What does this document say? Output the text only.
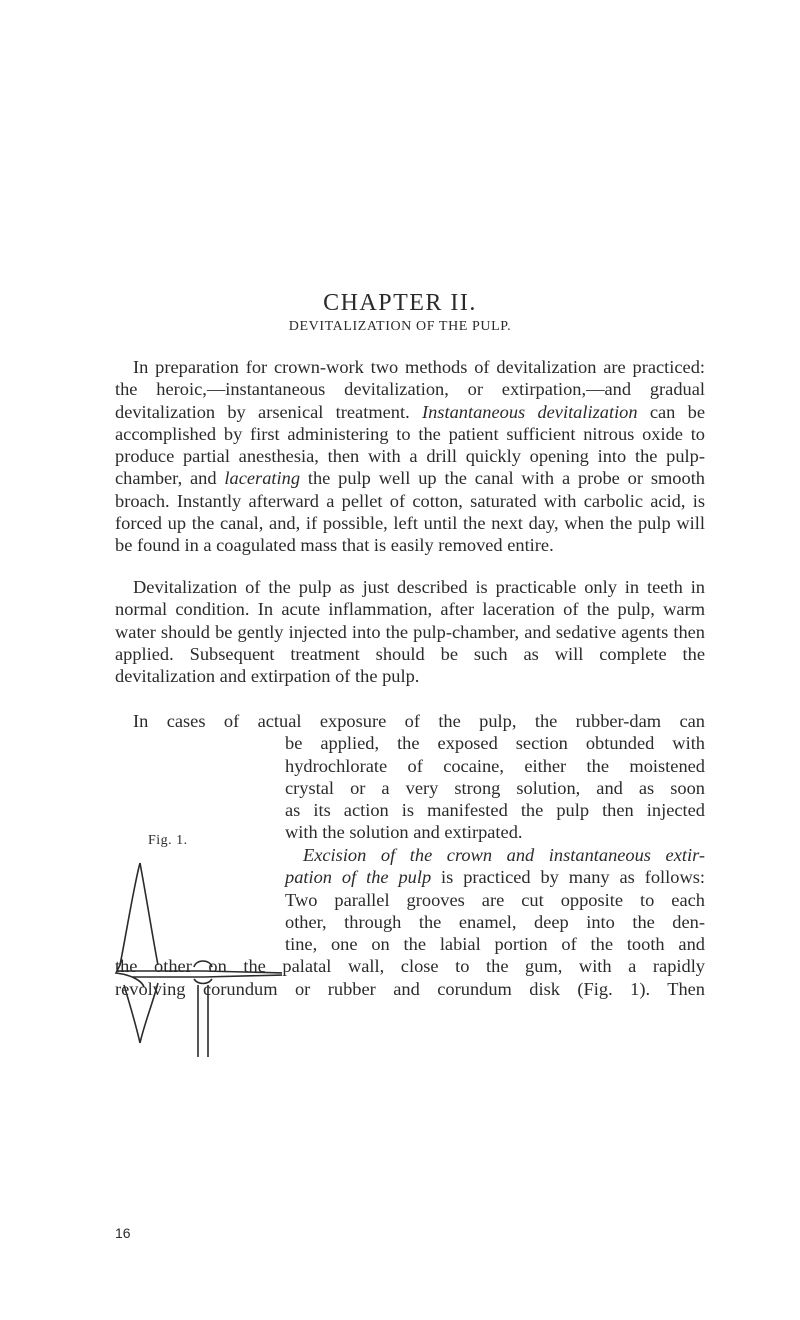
CHAPTER II.
DEVITALIZATION OF THE PULP.

In preparation for crown-work two methods of devitalization are practiced: the heroic,—instantaneous devitalization, or extirpation,—and gradual devitalization by arsenical treatment. Instantaneous devitalization can be accomplished by first administering to the patient sufficient nitrous oxide to produce partial anesthesia, then with a drill quickly opening into the pulp-chamber, and lacerating the pulp well up the canal with a probe or smooth broach. Instantly afterward a pellet of cotton, saturated with carbolic acid, is forced up the canal, and, if possible, left until the next day, when the pulp will be found in a coagulated mass that is easily removed entire.

Devitalization of the pulp as just described is practicable only in teeth in normal condition. In acute inflammation, after laceration of the pulp, warm water should be gently injected into the pulp-chamber, and sedative agents then applied. Subsequent treatment should be such as will complete the devitalization and extirpation of the pulp.

In cases of actual exposure of the pulp, the rubber-dam can
be applied, the exposed section obtunded with
hydrochlorate of cocaine, either the moistened
crystal or a very strong solution, and as soon
as its action is manifested the pulp then injected
with the solution and extirpated.
Excision of the crown and instantaneous extir-
pation of the pulp is practiced by many as follows:
Two parallel grooves are cut opposite to each
other, through the enamel, deep into the den-
tine, one on the labial portion of the tooth and
the other on the palatal wall, close to the gum, with a rapidly
revolving corundum or rubber and corundum disk (Fig. 1). Then
Fig. 1.
16
